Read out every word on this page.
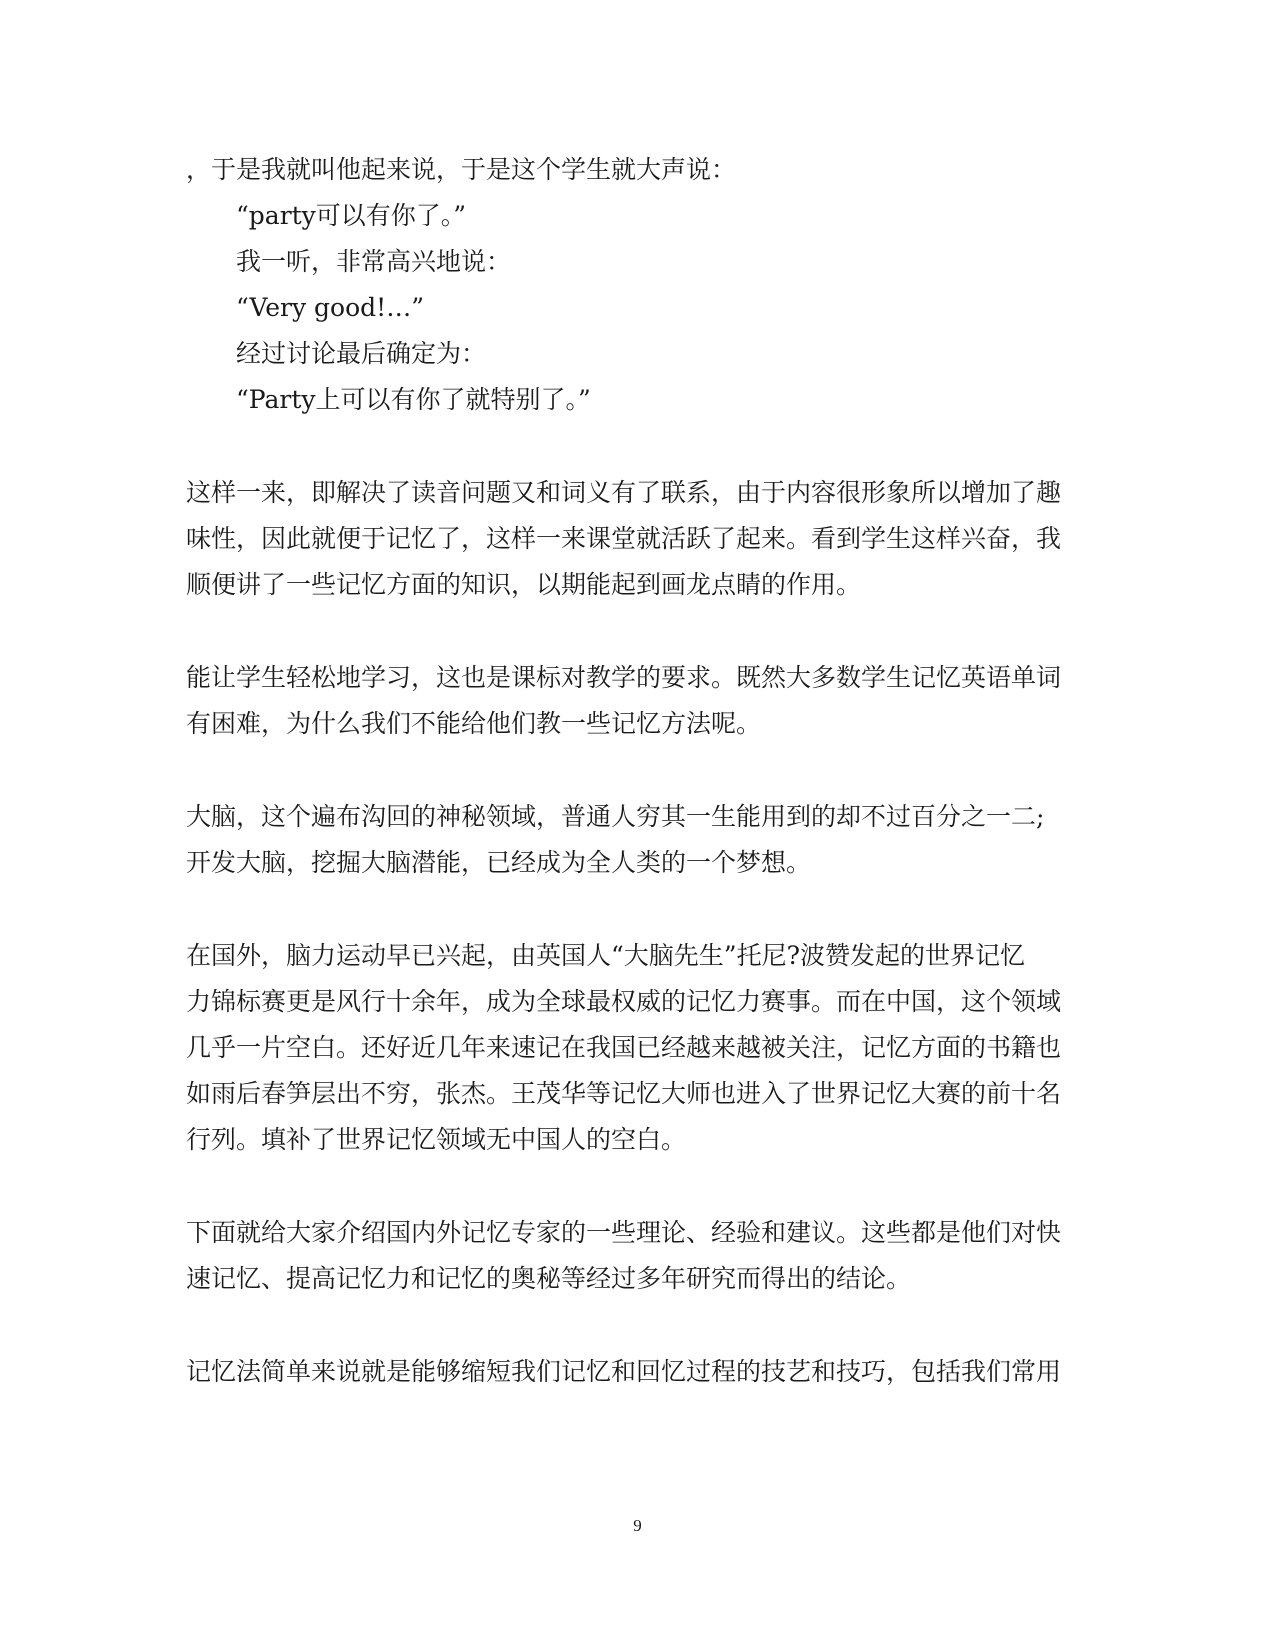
，于是我就叫他起来说，于是这个学生就大声说：
“party可以有你了。”
我一听，非常高兴地说：
“Very good!…”
经过讨论最后确定为：
“Party上可以有你了就特别了。”
这样一来，即解决了读音问题又和词义有了联系，由于内容很形象所以增加了趣
味性，因此就便于记忆了，这样一来课堂就活跃了起来。看到学生这样兴奋，我
顺便讲了一些记忆方面的知识，以期能起到画龙点睛的作用。
能让学生轻松地学习，这也是课标对教学的要求。既然大多数学生记忆英语单词
有困难，为什么我们不能给他们教一些记忆方法呢。
大脑，这个遍布沟回的神秘领域，普通人穷其一生能用到的却不过百分之一二;
开发大脑，挖掘大脑潜能，已经成为全人类的一个梦想。
在国外，脑力运动早已兴起，由英国人“大脑先生”托尼?波赞发起的世界记忆
力锦标赛更是风行十余年，成为全球最权威的记忆力赛事。而在中国，这个领域
几乎一片空白。还好近几年来速记在我国已经越来越被关注，记忆方面的书籍也
如雨后春笋层出不穷，张杰。王茂华等记忆大师也进入了世界记忆大赛的前十名
行列。填补了世界记忆领域无中国人的空白。
下面就给大家介绍国内外记忆专家的一些理论、经验和建议。这些都是他们对快
速记忆、提高记忆力和记忆的奥秘等经过多年研究而得出的结论。
记忆法简单来说就是能够缩短我们记忆和回忆过程的技艺和技巧，包括我们常用
9
